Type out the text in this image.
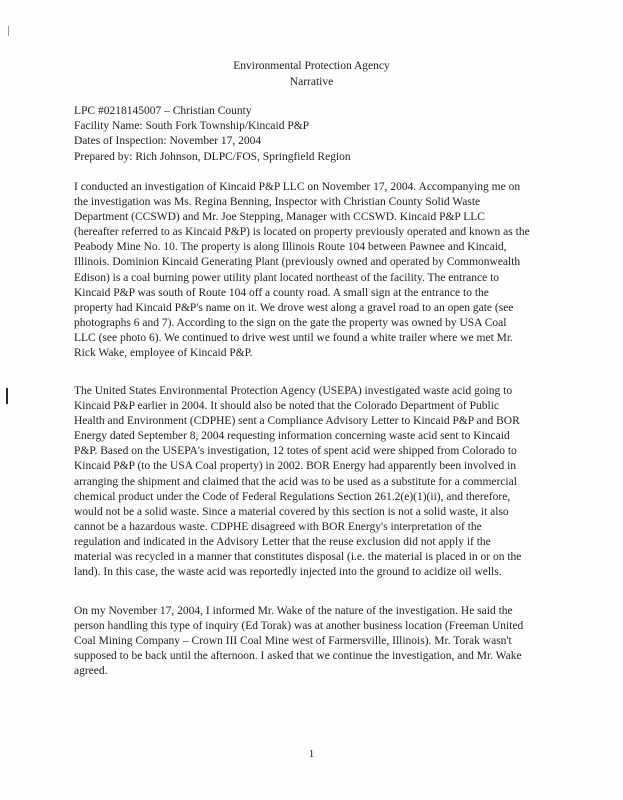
Environmental Protection Agency
Narrative
LPC #0218145007 – Christian County
Facility Name: South Fork Township/Kincaid P&P
Dates of Inspection: November 17, 2004
Prepared by: Rich Johnson, DLPC/FOS, Springfield Region

I conducted an investigation of Kincaid P&P LLC on November 17, 2004. Accompanying me on the investigation was Ms. Regina Benning, Inspector with Christian County Solid Waste Department (CCSWD) and Mr. Joe Stepping, Manager with CCSWD. Kincaid P&P LLC (hereafter referred to as Kincaid P&P) is located on property previously operated and known as the Peabody Mine No. 10. The property is along Illinois Route 104 between Pawnee and Kincaid, Illinois. Dominion Kincaid Generating Plant (previously owned and operated by Commonwealth Edison) is a coal burning power utility plant located northeast of the facility. The entrance to Kincaid P&P was south of Route 104 off a county road. A small sign at the entrance to the property had Kincaid P&P's name on it. We drove west along a gravel road to an open gate (see photographs 6 and 7). According to the sign on the gate the property was owned by USA Coal LLC (see photo 6). We continued to drive west until we found a white trailer where we met Mr. Rick Wake, employee of Kincaid P&P.

The United States Environmental Protection Agency (USEPA) investigated waste acid going to Kincaid P&P earlier in 2004. It should also be noted that the Colorado Department of Public Health and Environment (CDPHE) sent a Compliance Advisory Letter to Kincaid P&P and BOR Energy dated September 8, 2004 requesting information concerning waste acid sent to Kincaid P&P. Based on the USEPA's investigation, 12 totes of spent acid were shipped from Colorado to Kincaid P&P (to the USA Coal property) in 2002. BOR Energy had apparently been involved in arranging the shipment and claimed that the acid was to be used as a substitute for a commercial chemical product under the Code of Federal Regulations Section 261.2(e)(1)(ii), and therefore, would not be a solid waste. Since a material covered by this section is not a solid waste, it also cannot be a hazardous waste. CDPHE disagreed with BOR Energy's interpretation of the regulation and indicated in the Advisory Letter that the reuse exclusion did not apply if the material was recycled in a manner that constitutes disposal (i.e. the material is placed in or on the land). In this case, the waste acid was reportedly injected into the ground to acidize oil wells.

On my November 17, 2004, I informed Mr. Wake of the nature of the investigation. He said the person handling this type of inquiry (Ed Torak) was at another business location (Freeman United Coal Mining Company – Crown III Coal Mine west of Farmersville, Illinois). Mr. Torak wasn't supposed to be back until the afternoon. I asked that we continue the investigation, and Mr. Wake agreed.

1
